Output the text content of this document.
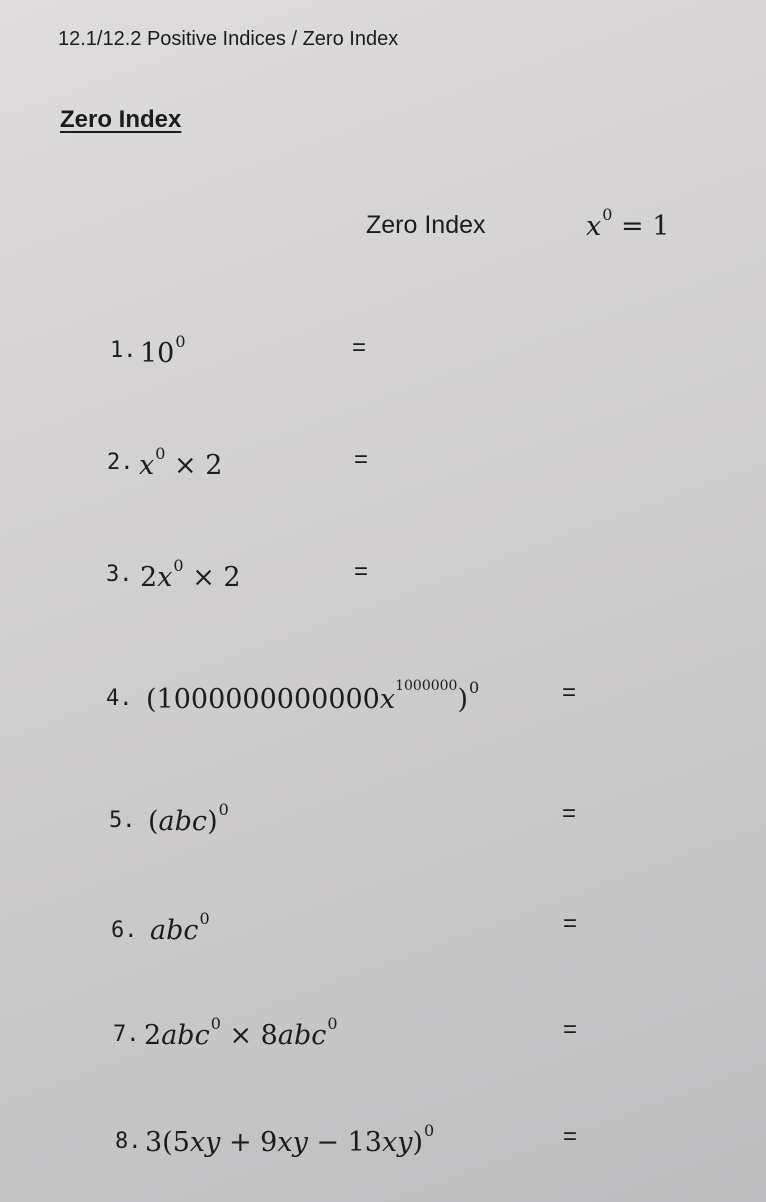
12.1/12.2 Positive Indices / Zero Index
Zero Index
Zero Index	$x^0 = 1$
1. $10^0$	=
2. $x^0 \times 2$	=
3. $2x^0 \times 2$	=
4. $(1000000000000x^{1000000})^0$	=
5. (abc)$^0$	=
6. abc$^0$	=
7. 2abc$^0$ × 8abc$^0$	=
8. $3(5xy + 9xy - 13xy)^0$	=
